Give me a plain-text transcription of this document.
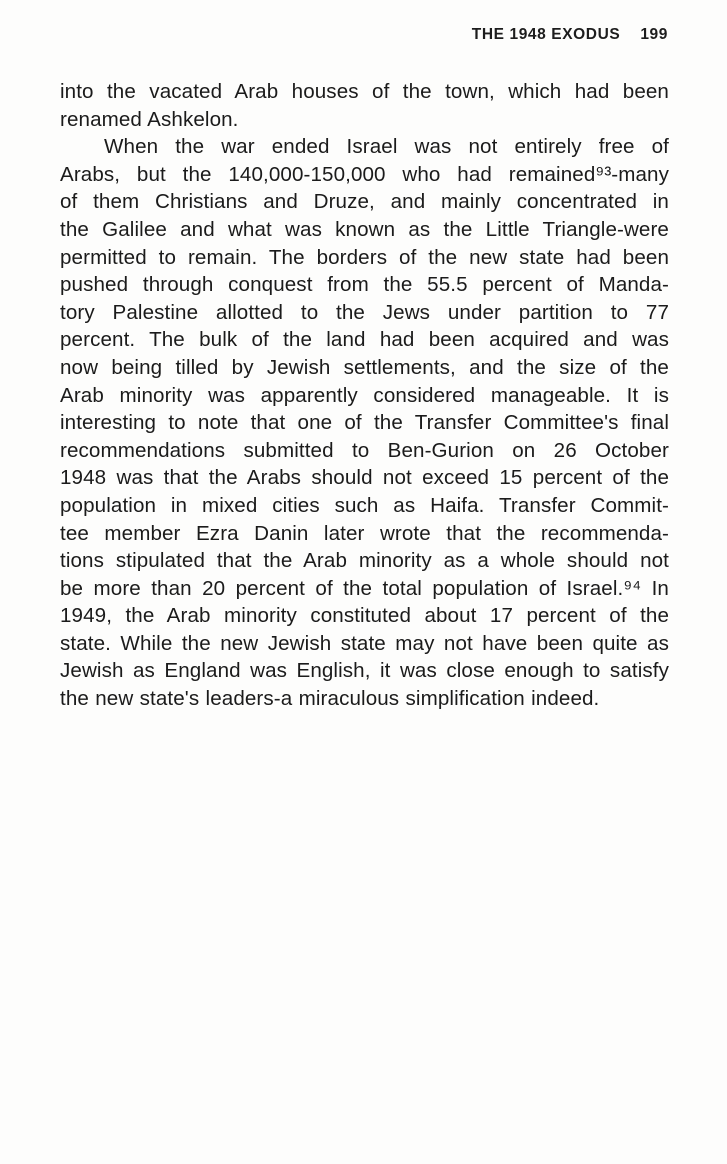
THE 1948 EXODUS 199
into the vacated Arab houses of the town, which had been
renamed Ashkelon.
When the war ended Israel was not entirely free of
Arabs, but the 140,000-150,000 who had remained⁹³-many
of them Christians and Druze, and mainly concentrated in
the Galilee and what was known as the Little Triangle-were
permitted to remain. The borders of the new state had been
pushed through conquest from the 55.5 percent of Manda-
tory Palestine allotted to the Jews under partition to 77
percent. The bulk of the land had been acquired and was
now being tilled by Jewish settlements, and the size of the
Arab minority was apparently considered manageable. It is
interesting to note that one of the Transfer Committee's final
recommendations submitted to Ben-Gurion on 26 October
1948 was that the Arabs should not exceed 15 percent of the
population in mixed cities such as Haifa. Transfer Commit-
tee member Ezra Danin later wrote that the recommenda-
tions stipulated that the Arab minority as a whole should not
be more than 20 percent of the total population of Israel.⁹⁴ In
1949, the Arab minority constituted about 17 percent of the
state. While the new Jewish state may not have been quite as
Jewish as England was English, it was close enough to satisfy
the new state's leaders-a miraculous simplification indeed.
